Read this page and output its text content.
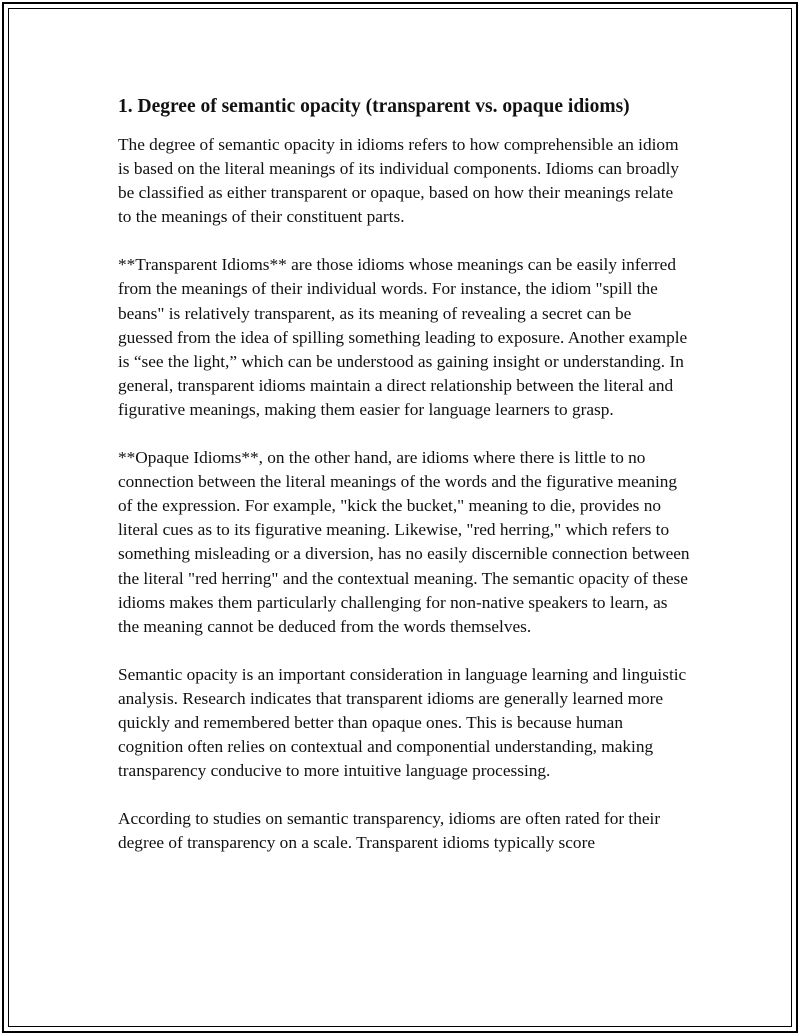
1. Degree of semantic opacity (transparent vs. opaque idioms)

The degree of semantic opacity in idioms refers to how comprehensible an idiom is based on the literal meanings of its individual components. Idioms can broadly be classified as either transparent or opaque, based on how their meanings relate to the meanings of their constituent parts.

**Transparent Idioms** are those idioms whose meanings can be easily inferred from the meanings of their individual words. For instance, the idiom "spill the beans" is relatively transparent, as its meaning of revealing a secret can be guessed from the idea of spilling something leading to exposure. Another example is “see the light,” which can be understood as gaining insight or understanding. In general, transparent idioms maintain a direct relationship between the literal and figurative meanings, making them easier for language learners to grasp.

**Opaque Idioms**, on the other hand, are idioms where there is little to no connection between the literal meanings of the words and the figurative meaning of the expression. For example, "kick the bucket," meaning to die, provides no literal cues as to its figurative meaning. Likewise, "red herring," which refers to something misleading or a diversion, has no easily discernible connection between the literal "red herring" and the contextual meaning. The semantic opacity of these idioms makes them particularly challenging for non-native speakers to learn, as the meaning cannot be deduced from the words themselves.

Semantic opacity is an important consideration in language learning and linguistic analysis. Research indicates that transparent idioms are generally learned more quickly and remembered better than opaque ones. This is because human cognition often relies on contextual and componential understanding, making transparency conducive to more intuitive language processing.

According to studies on semantic transparency, idioms are often rated for their degree of transparency on a scale. Transparent idioms typically score
